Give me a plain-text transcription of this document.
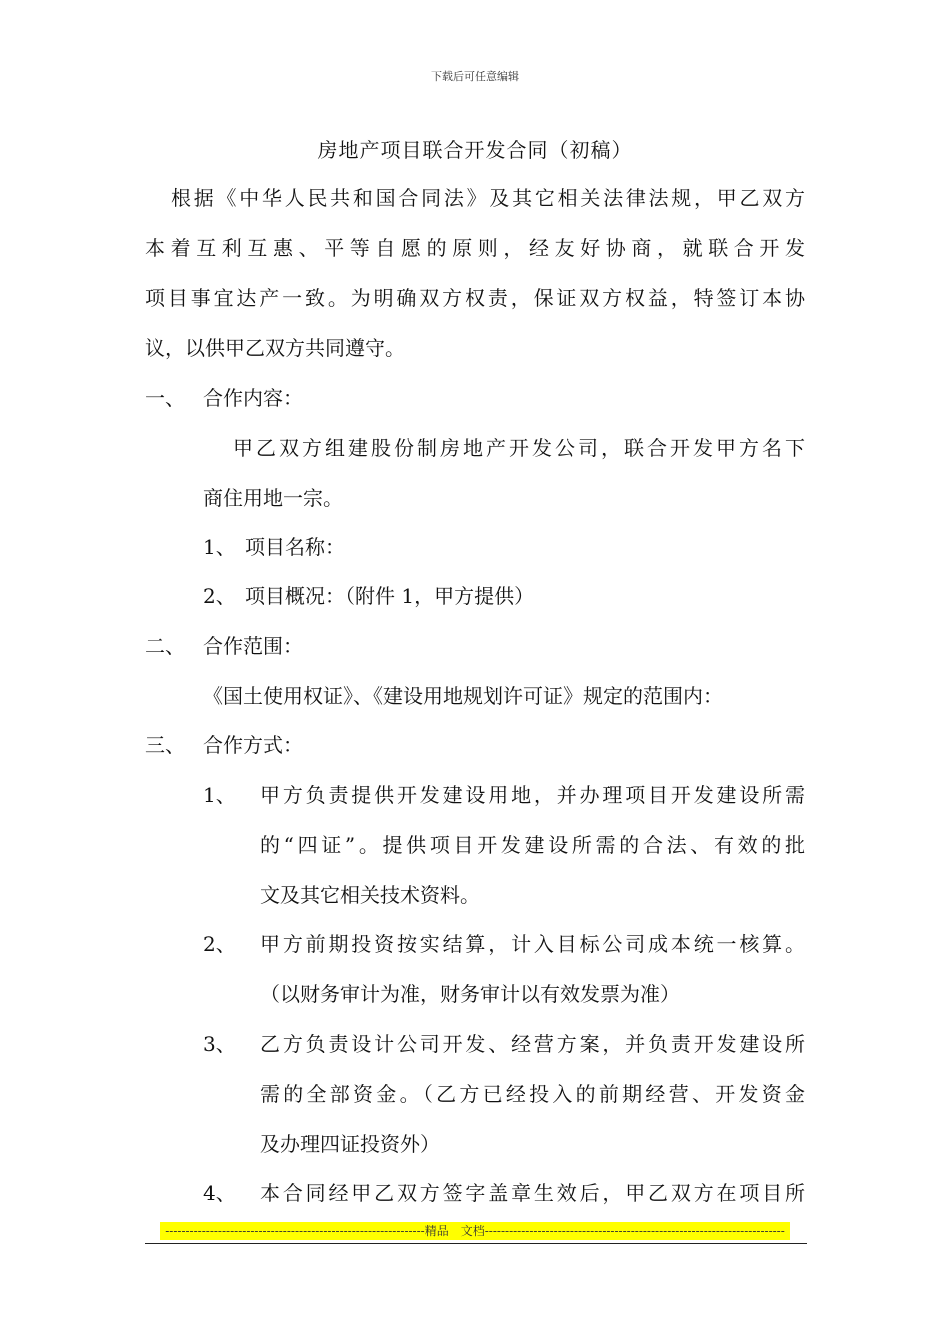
下载后可任意编辑
房地产项目联合开发合同（初稿）
根据《中华人民共和国合同法》及其它相关法律法规，甲乙双方
本着互利互惠、平等自愿的原则，经友好协商，就联合开发
项目事宜达产一致。为明确双方权责，保证双方权益，特签订本协
议，以供甲乙双方共同遵守。
一、 合作内容：
甲乙双方组建股份制房地产开发公司，联合开发甲方名下
商住用地一宗。
1、 项目名称：
2、 项目概况：（附件 1，甲方提供）
二、 合作范围：
《国土使用权证》、《建设用地规划许可证》规定的范围内：
三、 合作方式：
1、 甲方负责提供开发建设用地，并办理项目开发建设所需
的“四证”。提供项目开发建设所需的合法、有效的批
文及其它相关技术资料。
2、 甲方前期投资按实结算，计入目标公司成本统一核算。
（以财务审计为准，财务审计以有效发票为准）
3、 乙方负责设计公司开发、经营方案，并负责开发建设所
需的全部资金。（乙方已经投入的前期经营、开发资金
及办理四证投资外）
4、 本合同经甲乙双方签字盖章生效后，甲乙双方在项目所
----------------------------------------------------------------精品　文档--------------------------------------------------------------------------
